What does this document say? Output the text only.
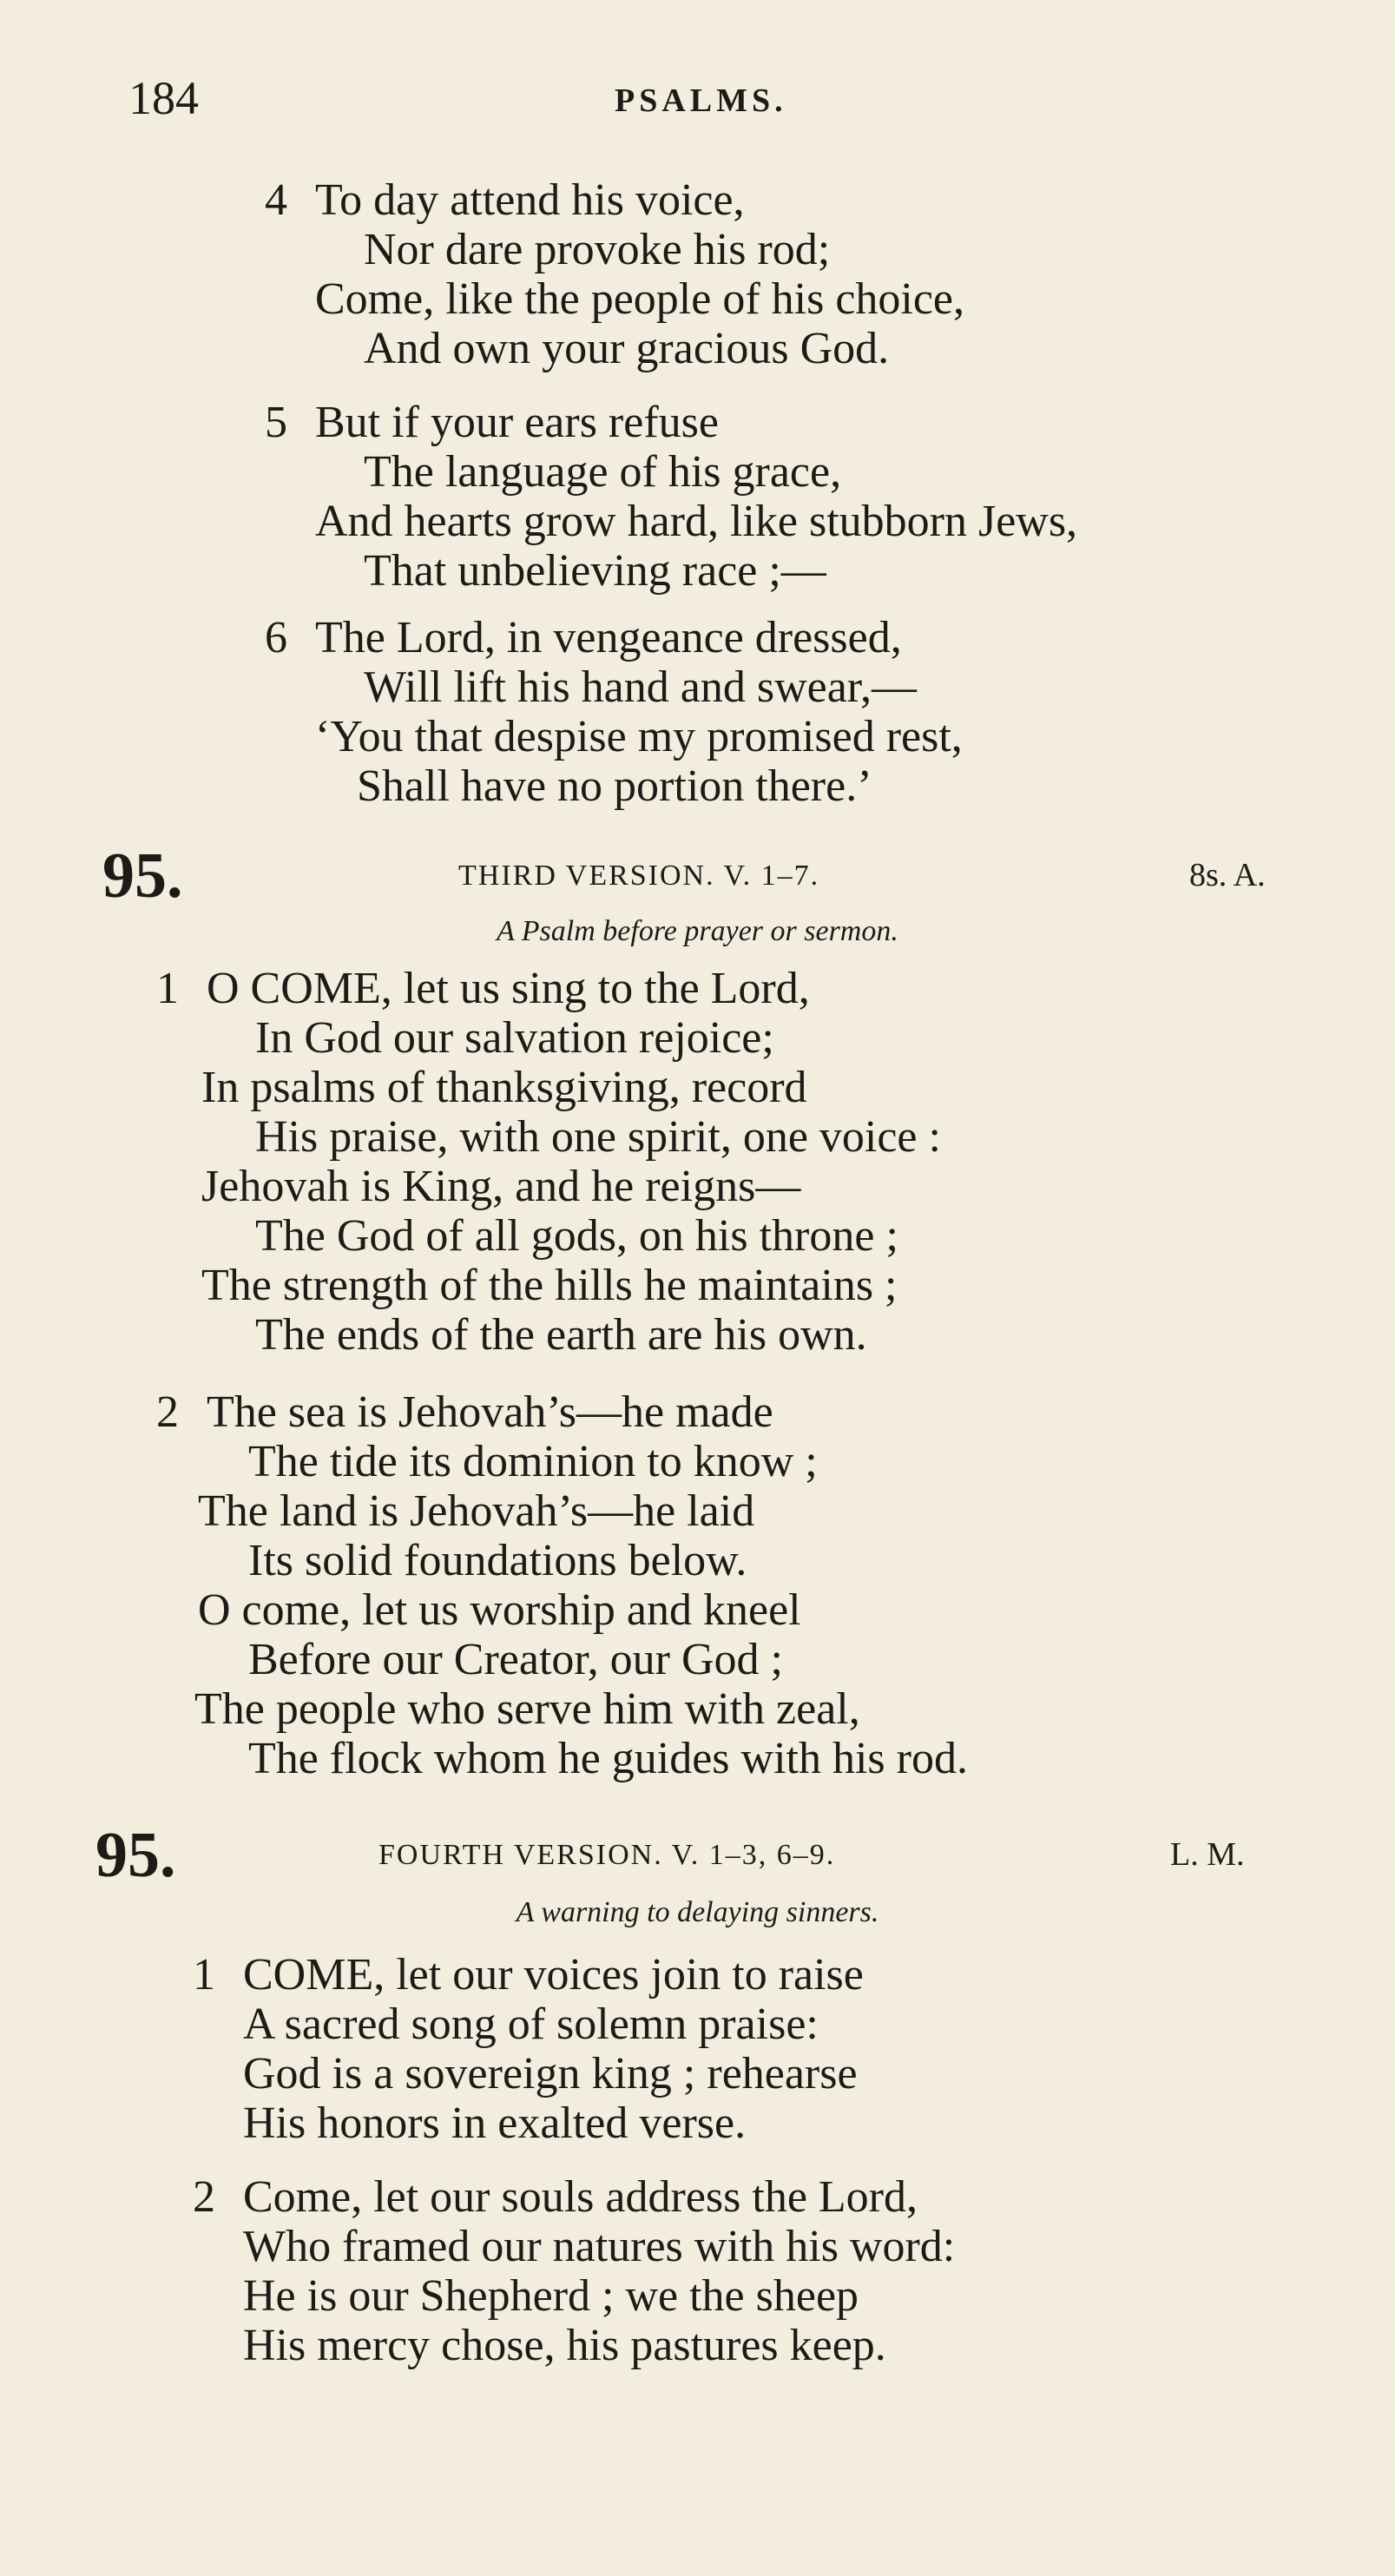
184	PSALMS.
4 To day attend his voice,
Nor dare provoke his rod;
Come, like the people of his choice,
And own your gracious God.
5 But if your ears refuse
The language of his grace,
And hearts grow hard, like stubborn Jews,
That unbelieving race ;—
6 The Lord, in vengeance dressed,
Will lift his hand and swear,—
‘You that despise my promised rest,
Shall have no portion there.’
95.	THIRD VERSION. V. 1–7.	8s. A.
A Psalm before prayer or sermon.
1 O COME, let us sing to the Lord,
In God our salvation rejoice;
In psalms of thanksgiving, record
His praise, with one spirit, one voice :
Jehovah is King, and he reigns—
The God of all gods, on his throne ;
The strength of the hills he maintains ;
The ends of the earth are his own.
2 The sea is Jehovah’s—he made
The tide its dominion to know ;
The land is Jehovah’s—he laid
Its solid foundations below.
O come, let us worship and kneel
Before our Creator, our God ;
The people who serve him with zeal,
The flock whom he guides with his rod.
95.	FOURTH VERSION. V. 1–3, 6–9.	L. M.
A warning to delaying sinners.
1 COME, let our voices join to raise
A sacred song of solemn praise:
God is a sovereign king ; rehearse
His honors in exalted verse.
2 Come, let our souls address the Lord,
Who framed our natures with his word:
He is our Shepherd ; we the sheep
His mercy chose, his pastures keep.
